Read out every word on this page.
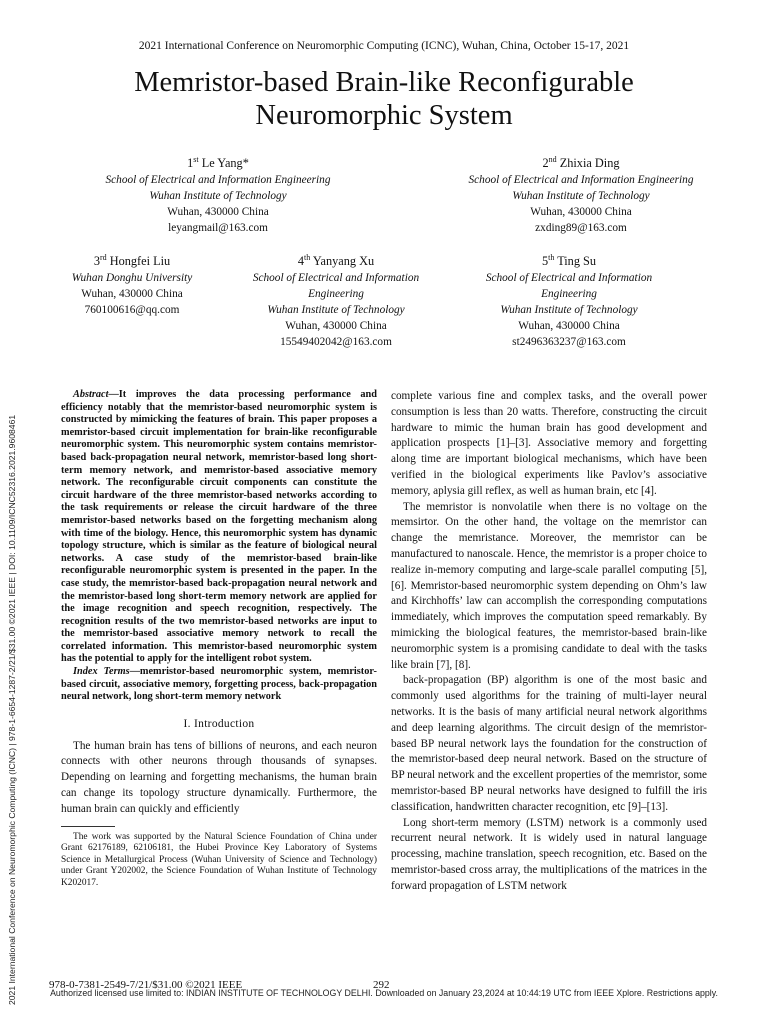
2021 International Conference on Neuromorphic Computing (ICNC), Wuhan, China, October 15-17, 2021
Memristor-based Brain-like Reconfigurable Neuromorphic System
1st Le Yang*
School of Electrical and Information Engineering
Wuhan Institute of Technology
Wuhan, 430000 China
leyangmail@163.com
2nd Zhixia Ding
School of Electrical and Information Engineering
Wuhan Institute of Technology
Wuhan, 430000 China
zxding89@163.com
3rd Hongfei Liu
Wuhan Donghu University
Wuhan, 430000 China
760100616@qq.com
4th Yanyang Xu
School of Electrical and Information
Engineering
Wuhan Institute of Technology
Wuhan, 430000 China
15549402042@163.com
5th Ting Su
School of Electrical and Information
Engineering
Wuhan Institute of Technology
Wuhan, 430000 China
st2496363237@163.com

Abstract—It improves the data processing performance and efficiency notably that the memristor-based neuromorphic system is constructed by mimicking the features of brain. This paper proposes a memristor-based circuit implementation for brain-like reconfigurable neuromorphic system. This neuromorphic system contains memristor-based back-propagation neural network, memristor-based long short-term memory network, and memristor-based associative memory network. The reconfigurable circuit components can constitute the circuit hardware of the three memristor-based networks according to the task requirements or release the circuit hardware of the three memristor-based networks based on the forgetting mechanism along with time of the biology. Hence, this neuromorphic system has dynamic topology structure, which is similar as the feature of biological neural networks. A case study of the memristor-based brain-like reconfigurable neuromorphic system is presented in the paper. In the case study, the memristor-based back-propagation neural network and the memristor-based long short-term memory network are applied for the image recognition and speech recognition, respectively. The recognition results of the two memristor-based networks are input to the memristor-based associative memory network to recall the correlated information. This memristor-based neuromorphic system has the potential to apply for the intelligent robot system.

Index Terms—memristor-based neuromorphic system, memristor-based circuit, associative memory, forgetting process, back-propagation neural network, long short-term memory network

I. Introduction

The human brain has tens of billions of neurons, and each neuron connects with other neurons through thousands of synapses. Depending on learning and forgetting mechanisms, the human brain can change its topology structure dynamically. Furthermore, the human brain can quickly and efficiently

The work was supported by the Natural Science Foundation of China under Grant 62176189, 62106181, the Hubei Province Key Laboratory of Systems Science in Metallurgical Process (Wuhan University of Science and Technology) under Grant Y202002, the Science Foundation of Wuhan Institute of Technology K202017.

complete various fine and complex tasks, and the overall power consumption is less than 20 watts. Therefore, constructing the circuit hardware to mimic the human brain has good development and application prospects [1]–[3]. Associative memory and forgetting along time are important biological mechanisms, which have been verified in the biological experiments like Pavlov’s associative memory, aplysia gill reflex, as well as human brain, etc [4].

The memristor is nonvolatile when there is no voltage on the memsirtor. On the other hand, the voltage on the memristor can change the memristance. Moreover, the memristor can be manufactured to nanoscale. Hence, the memristor is a proper choice to realize in-memory computing and large-scale parallel computing [5], [6]. Memristor-based neuromorphic system depending on Ohm’s law and Kirchhoffs’ law can accomplish the corresponding computations immediately, which improves the computation speed remarkably. By mimicking the biological features, the memristor-based brain-like neuromorphic system is a promising candidate to deal with the tasks like brain [7], [8].

back-propagation (BP) algorithm is one of the most basic and commonly used algorithms for the training of multi-layer neural networks. It is the basis of many artificial neural network algorithms and deep learning algorithms. The circuit design of the memristor-based BP neural network lays the foundation for the construction of the memristor-based deep neural network. Based on the structure of BP neural network and the excellent properties of the memristor, some memristor-based BP neural networks have designed to fulfill the iris classification, handwritten character recognition, etc [9]–[13].

Long short-term memory (LSTM) network is a commonly used recurrent neural network. It is widely used in natural language processing, machine translation, speech recognition, etc. Based on the memristor-based cross array, the multiplications of the matrices in the forward propagation of LSTM network

2021 International Conference on Neuromorphic Computing (ICNC) | 978-1-6654-1287-2/21/$31.00 ©2021 IEEE | DOI: 10.1109/ICNC52316.2021.9608461	978-0-7381-2549-7/21/$31.00 ©2021 IEEE	292
Authorized licensed use limited to: INDIAN INSTITUTE OF TECHNOLOGY DELHI. Downloaded on January 23,2024 at 10:44:19 UTC from IEEE Xplore. Restrictions apply.
